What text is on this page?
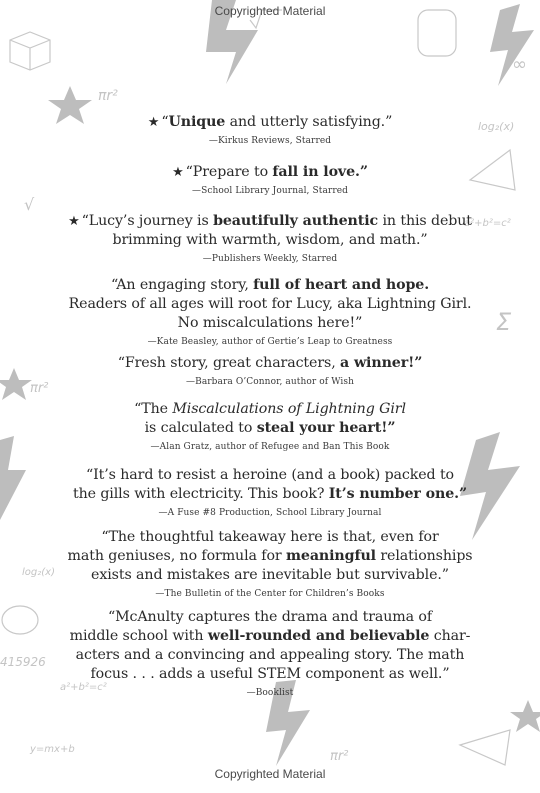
πr²
πr²
πr²
log₂(x)
log₂(x)
a²+b²=c²
a²+b²=c²
Σ
415926
y=mx+b
√
∞
Copyrighted Material
Copyrighted Material
★ “Unique and utterly satisfying.”
—Kirkus Reviews, Starred
★ “Prepare to fall in love.”
—School Library Journal, Starred
★ “Lucy’s journey is beautifully authentic in this debut
brimming with warmth, wisdom, and math.”
—Publishers Weekly, Starred
“An engaging story, full of heart and hope.
Readers of all ages will root for Lucy, aka Lightning Girl.
No miscalculations here!”
—Kate Beasley, author of Gertie’s Leap to Greatness
“Fresh story, great characters, a winner!”
—Barbara O’Connor, author of Wish
“The Miscalculations of Lightning Girl
is calculated to steal your heart!”
—Alan Gratz, author of Refugee and Ban This Book
“It’s hard to resist a heroine (and a book) packed to
the gills with electricity. This book? It’s number one.”
—A Fuse #8 Production, School Library Journal
“The thoughtful takeaway here is that, even for
math geniuses, no formula for meaningful relationships
exists and mistakes are inevitable but survivable.”
—The Bulletin of the Center for Children’s Books
“McAnulty captures the drama and trauma of
middle school with well-rounded and believable char-
acters and a convincing and appealing story. The math
focus . . . adds a useful STEM component as well.”
—Booklist
